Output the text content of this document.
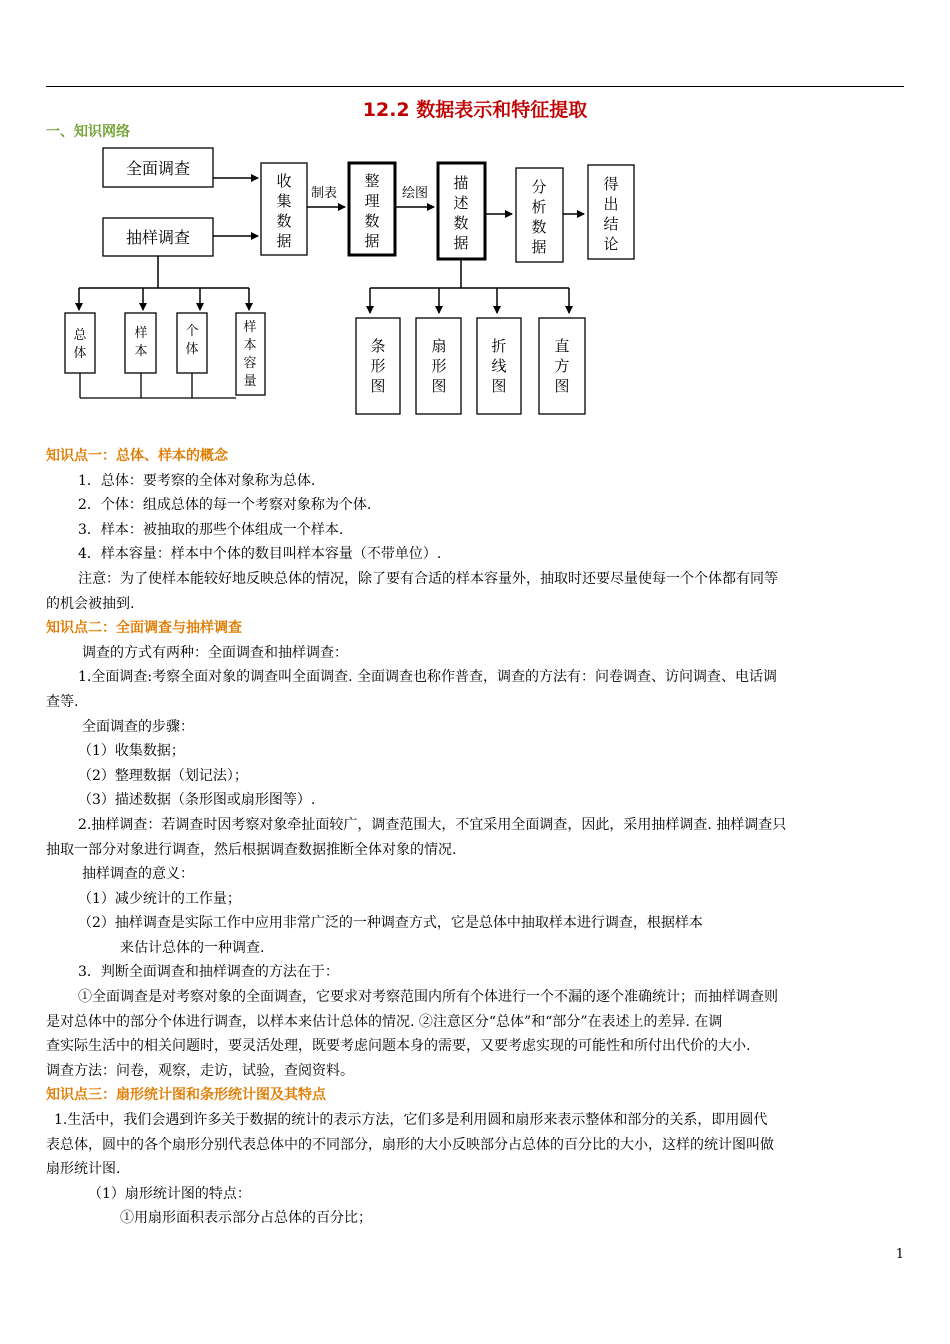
12.2 数据表示和特征提取
一、知识网络
全面调查
抽样调查
收
集
数
据
制表
整
理
数
据
绘图
描
述
数
据
分
析
数
据
得
出
结
论
总
体
样
本
个
体
样
本
容
量
条
形
图
扇
形
图
折
线
图
直
方
图
知识点一：总体、样本的概念
1．总体：要考察的全体对象称为总体.
2．个体：组成总体的每一个考察对象称为个体.
3．样本：被抽取的那些个体组成一个样本.
4．样本容量：样本中个体的数目叫样本容量（不带单位）.
注意：为了使样本能较好地反映总体的情况，除了要有合适的样本容量外，抽取时还要尽量使每一个个体都有同等
的机会被抽到.
知识点二：全面调查与抽样调查
调查的方式有两种：全面调查和抽样调查：
1.全面调查:考察全面对象的调查叫全面调查. 全面调查也称作普查，调查的方法有：问卷调查、访问调查、电话调
查等.
全面调查的步骤：
（1）收集数据；
（2）整理数据（划记法）；
（3）描述数据（条形图或扇形图等）.
2.抽样调查：若调查时因考察对象牵扯面较广，调查范围大，不宜采用全面调查，因此，采用抽样调查. 抽样调查只
抽取一部分对象进行调查，然后根据调查数据推断全体对象的情况.
抽样调查的意义：
（1）减少统计的工作量；
（2）抽样调查是实际工作中应用非常广泛的一种调查方式，它是总体中抽取样本进行调查，根据样本
来估计总体的一种调查.
3．判断全面调查和抽样调查的方法在于：
①全面调查是对考察对象的全面调查，它要求对考察范围内所有个体进行一个不漏的逐个准确统计；而抽样调查则
是对总体中的部分个体进行调查，以样本来估计总体的情况. ②注意区分“总体”和“部分”在表述上的差异. 在调
查实际生活中的相关问题时，要灵活处理，既要考虑问题本身的需要，又要考虑实现的可能性和所付出代价的大小.
调查方法：问卷，观察，走访，试验，查阅资料。
知识点三：扇形统计图和条形统计图及其特点
1.生活中，我们会遇到许多关于数据的统计的表示方法，它们多是利用圆和扇形来表示整体和部分的关系，即用圆代
表总体，圆中的各个扇形分别代表总体中的不同部分，扇形的大小反映部分占总体的百分比的大小，这样的统计图叫做
扇形统计图.
（1）扇形统计图的特点：
①用扇形面积表示部分占总体的百分比；
1
